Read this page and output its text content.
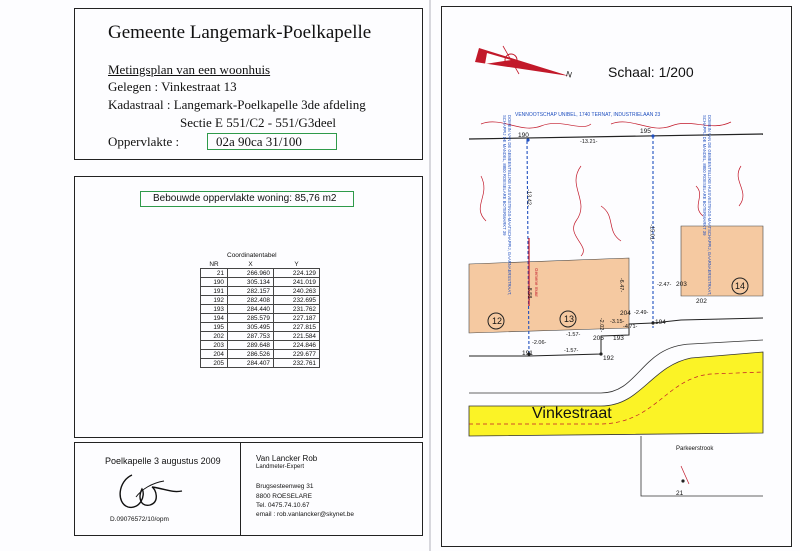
Gemeente Langemark-Poelkapelle
Metingsplan van een woonhuis
Gelegen : Vinkestraat 13
Kadastraal : Langemark-Poelkapelle 3de afdeling
Sectie E 551/C2 - 551/G3deel
Oppervlakte :	02a 90ca 31/100
Bebouwde oppervlakte woning: 85,76 m2
Coordinatentabel
NR	X	Y
21	266.960	224.129
190	305.134	241.019
191	282.157	240.263
192	282.408	232.695
193	284.440	231.762
194	285.579	227.187
195	305.495	227.815
202	287.753	221.584
203	289.648	224.846
204	286.526	229.677
205	284.407	232.761
Poelkapelle 3 augustus 2009
D.09076572/10/opm
Van Lancker Rob
Landmeter-Expert
Brugsesteenweg 31
8800 ROESELARE
Tel. 0475.74.10.67
email : rob.vanlancker@skynet.be
Schaal: 1/200
N
VENNOOTSCHAP UNIBEL, 1740 TERNAT, INDUSTRIELAAN 23
Vinkestraat
Parkeerstrook
DOMEIN VAN DE GEMEENTELIJKE HUISVESTINGS-MAATSCHAPPIJ, GAARNAERSSTRAAT, SCHAPPIJ DE MANDEL, 8800 ROESELARE BOTERMARKT 39	DOMEIN VAN DE GEMEENTELIJKE HUISVESTINGS-MAATSCHAPPIJ, GAARNAERSSTRAAT, SCHAPPIJ DE MANDEL, 8800 ROESELARE BOTERMARKT 39
Gemene muur
12	13
14
190
195
203
202
204
205 193
194
191
192
21
-13.21-
-13.42-
-15.01-
-8.58-
-6.47-	-2.47-
-2.49-
-3.15-
-4.71-
-2.02-
-2.06-
-1.57-
-1.57-
